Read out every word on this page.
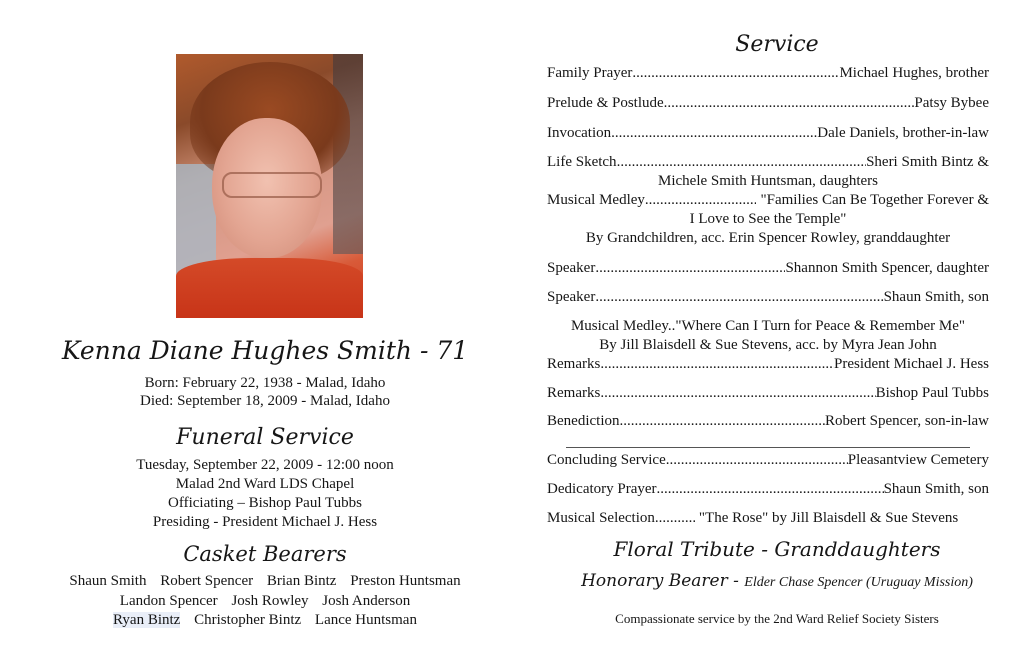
Kenna Diane Hughes Smith - 71
Born: February 22, 1938 - Malad, Idaho
Died: September 18, 2009 - Malad, Idaho
Funeral Service
Tuesday, September 22, 2009 - 12:00 noon
Malad 2nd Ward LDS Chapel
Officiating – Bishop Paul Tubbs
Presiding - President Michael J. Hess
Casket Bearers
Shaun Smith Robert Spencer Brian Bintz Preston Huntsman
Landon Spencer Josh Rowley Josh Anderson
Ryan Bintz Christopher Bintz Lance Huntsman
Service
Family Prayer .....	Michael Hughes, brother
Prelude & Postlude .....	Patsy Bybee
Invocation .....	Dale Daniels, brother-in-law
Life Sketch .....	Sheri Smith Bintz &
Michele Smith Huntsman, daughters
Musical Medley .....	"Families Can Be Together Forever &
I Love to See the Temple"
By Grandchildren, acc. Erin Spencer Rowley, granddaughter
Speaker .....	Shannon Smith Spencer, daughter
Speaker .....	Shaun Smith, son
Musical Medley.."Where Can I Turn for Peace & Remember Me"
By Jill Blaisdell & Sue Stevens, acc. by Myra Jean John
Remarks .....	President Michael J. Hess
Remarks .....	Bishop Paul Tubbs
Benediction .....	Robert Spencer, son-in-law
Concluding Service .....	Pleasantview Cemetery
Dedicatory Prayer .....	Shaun Smith, son
Musical Selection .....	"The Rose" by Jill Blaisdell & Sue Stevens
Floral Tribute - Granddaughters
Honorary Bearer - Elder Chase Spencer (Uruguay Mission)
Compassionate service by the 2nd Ward Relief Society Sisters
